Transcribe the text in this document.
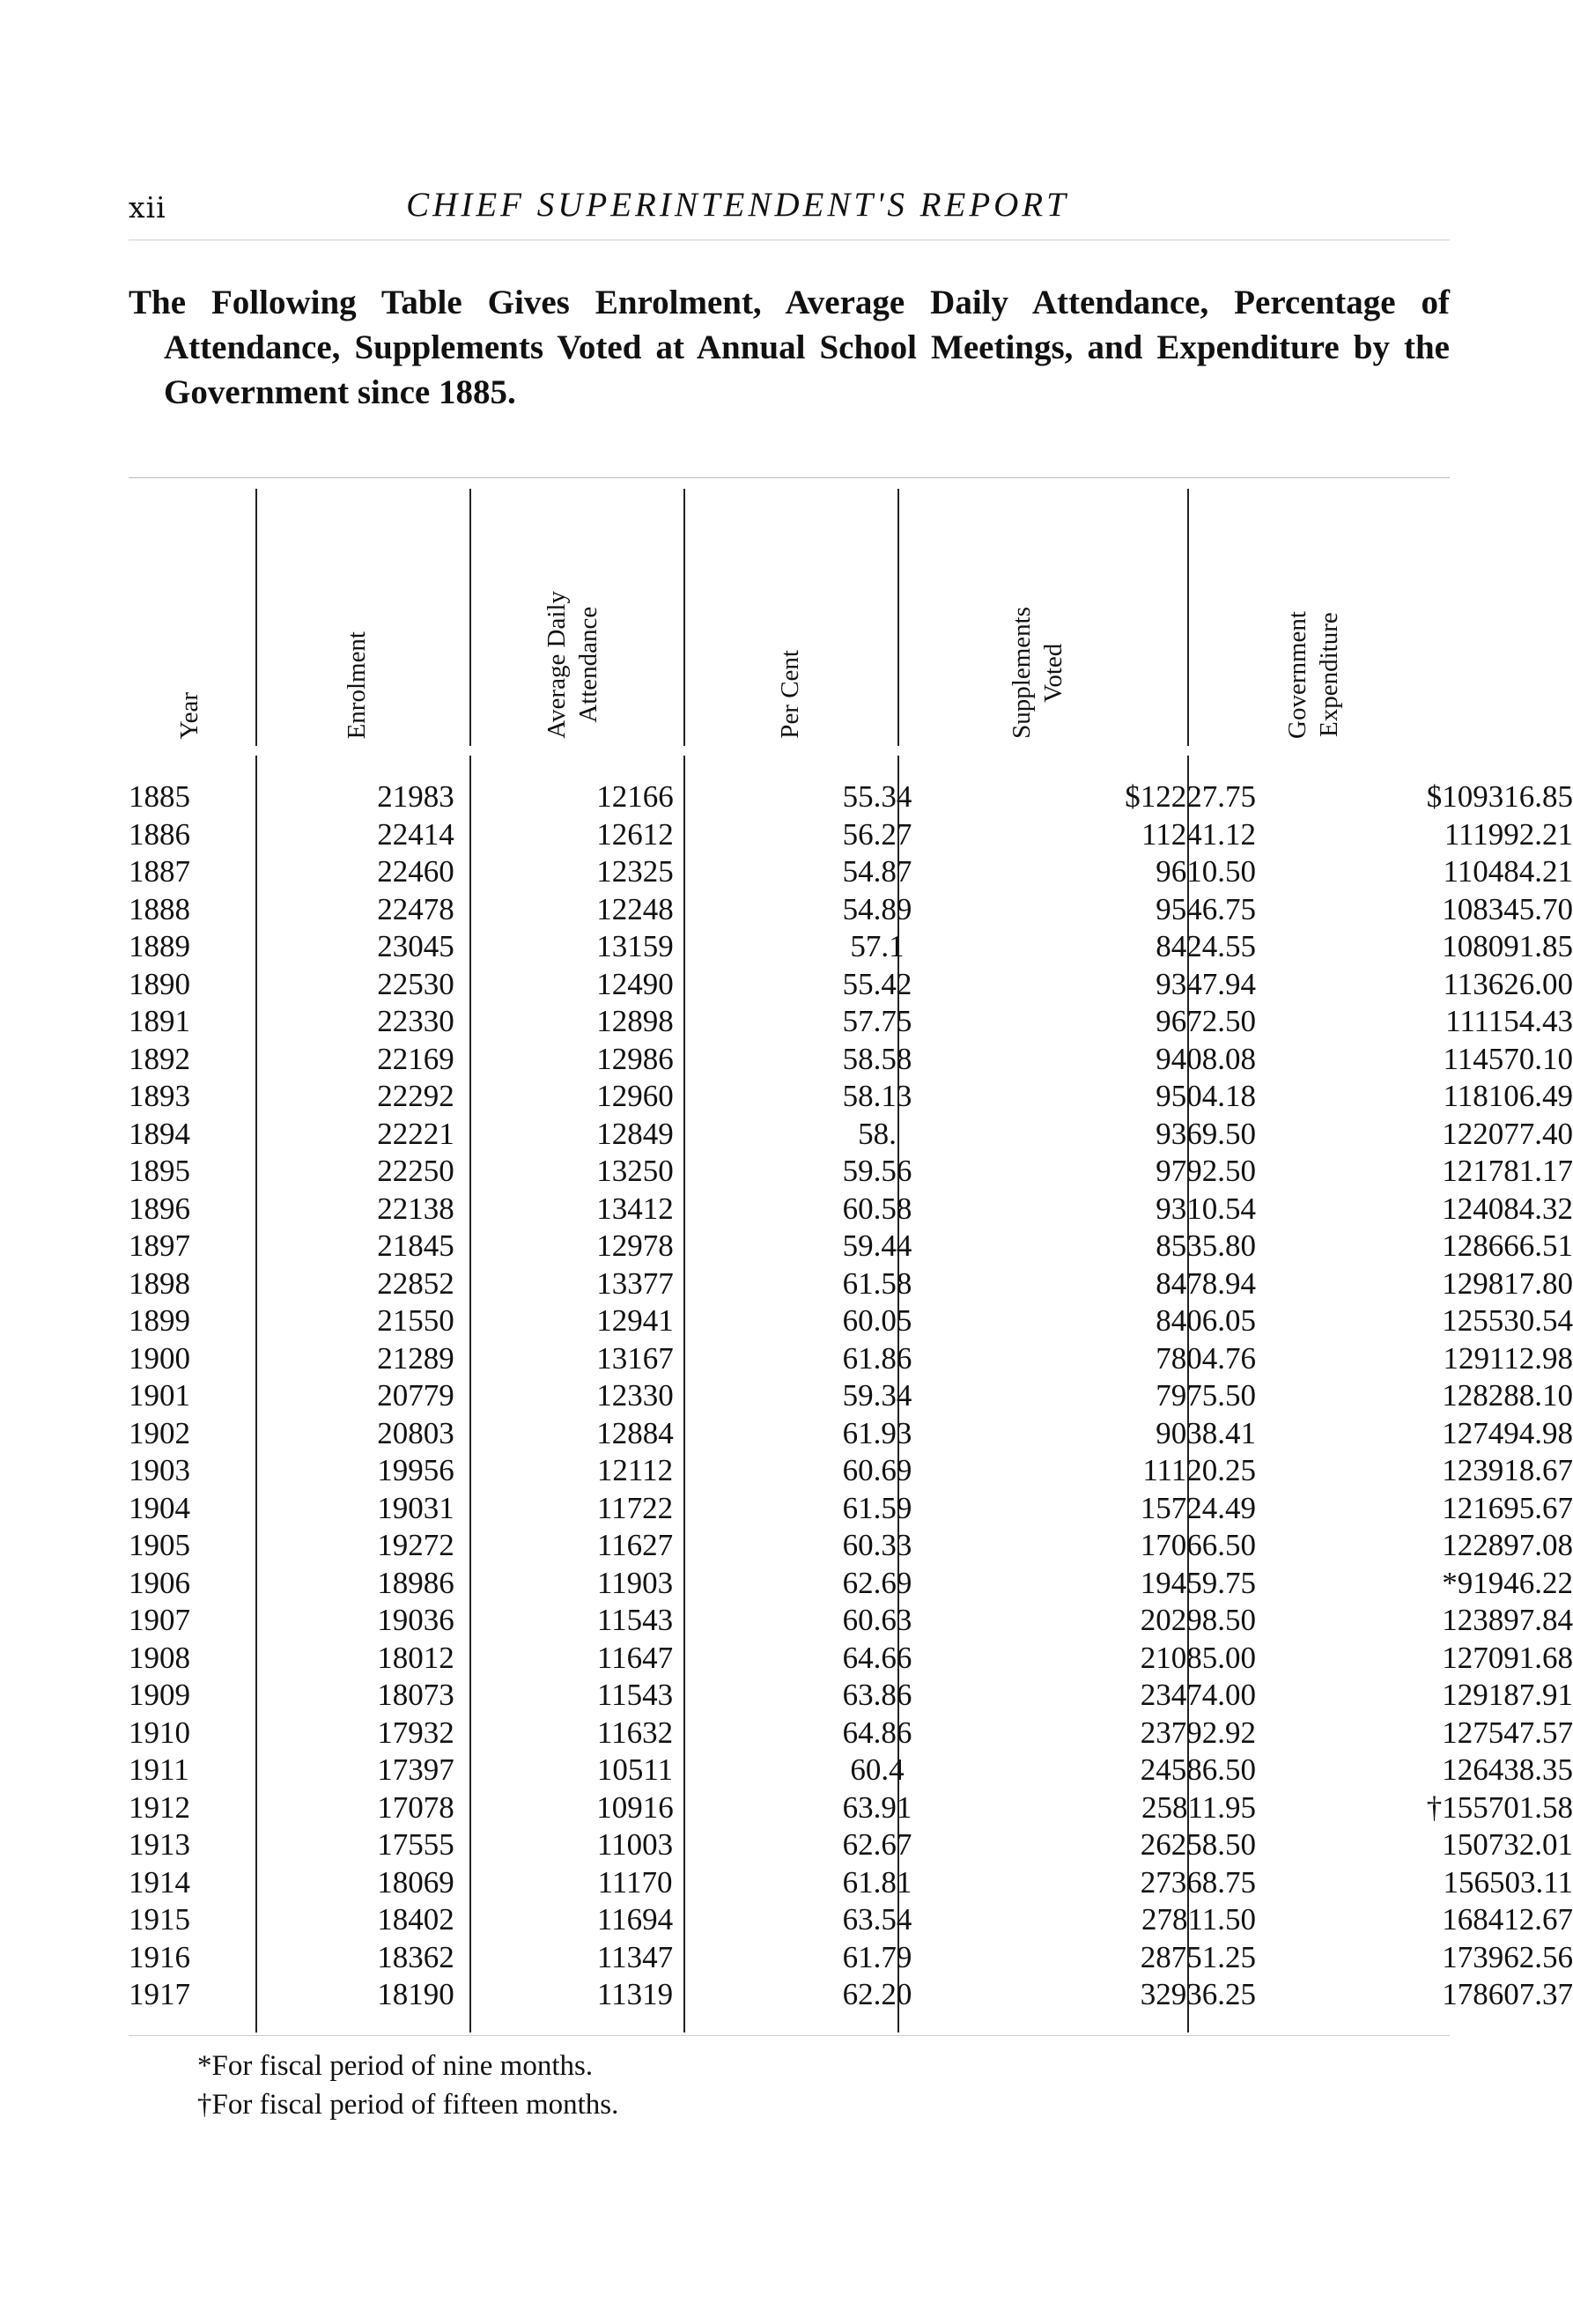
xii	CHIEF SUPERINTENDENT'S REPORT
The Following Table Gives Enrolment, Average Daily Attendance, Percentage of Attendance, Supplements Voted at Annual School Meetings, and Expenditure by the Government since 1885.
Year	Enrolment	Average Daily Attendance	Per Cent	Supplements Voted	Government Expenditure
1885	21983	12166	55.34	$12227.75	$109316.85
1886	22414	12612	56.27	11241.12	111992.21
1887	22460	12325	54.87	9610.50	110484.21
1888	22478	12248	54.89	9546.75	108345.70
1889	23045	13159	57.1	8424.55	108091.85
1890	22530	12490	55.42	9347.94	113626.00
1891	22330	12898	57.75	9672.50	111154.43
1892	22169	12986	58.58	9408.08	114570.10
1893	22292	12960	58.13	9504.18	118106.49
1894	22221	12849	58.	9369.50	122077.40
1895	22250	13250	59.56	9792.50	121781.17
1896	22138	13412	60.58	9310.54	124084.32
1897	21845	12978	59.44	8535.80	128666.51
1898	22852	13377	61.58	8478.94	129817.80
1899	21550	12941	60.05	8406.05	125530.54
1900	21289	13167	61.86	7804.76	129112.98
1901	20779	12330	59.34	7975.50	128288.10
1902	20803	12884	61.93	9038.41	127494.98
1903	19956	12112	60.69	11120.25	123918.67
1904	19031	11722	61.59	15724.49	121695.67
1905	19272	11627	60.33	17066.50	122897.08
1906	18986	11903	62.69	19459.75	*91946.22
1907	19036	11543	60.63	20298.50	123897.84
1908	18012	11647	64.66	21085.00	127091.68
1909	18073	11543	63.86	23474.00	129187.91
1910	17932	11632	64.86	23792.92	127547.57
1911	17397	10511	60.4	24586.50	126438.35
1912	17078	10916	63.91	25811.95	†155701.58
1913	17555	11003	62.67	26258.50	150732.01
1914	18069	11170	61.81	27368.75	156503.11
1915	18402	11694	63.54	27811.50	168412.67
1916	18362	11347	61.79	28751.25	173962.56
1917	18190	11319	62.20	32936.25	178607.37
*For fiscal period of nine months.
†For fiscal period of fifteen months.
